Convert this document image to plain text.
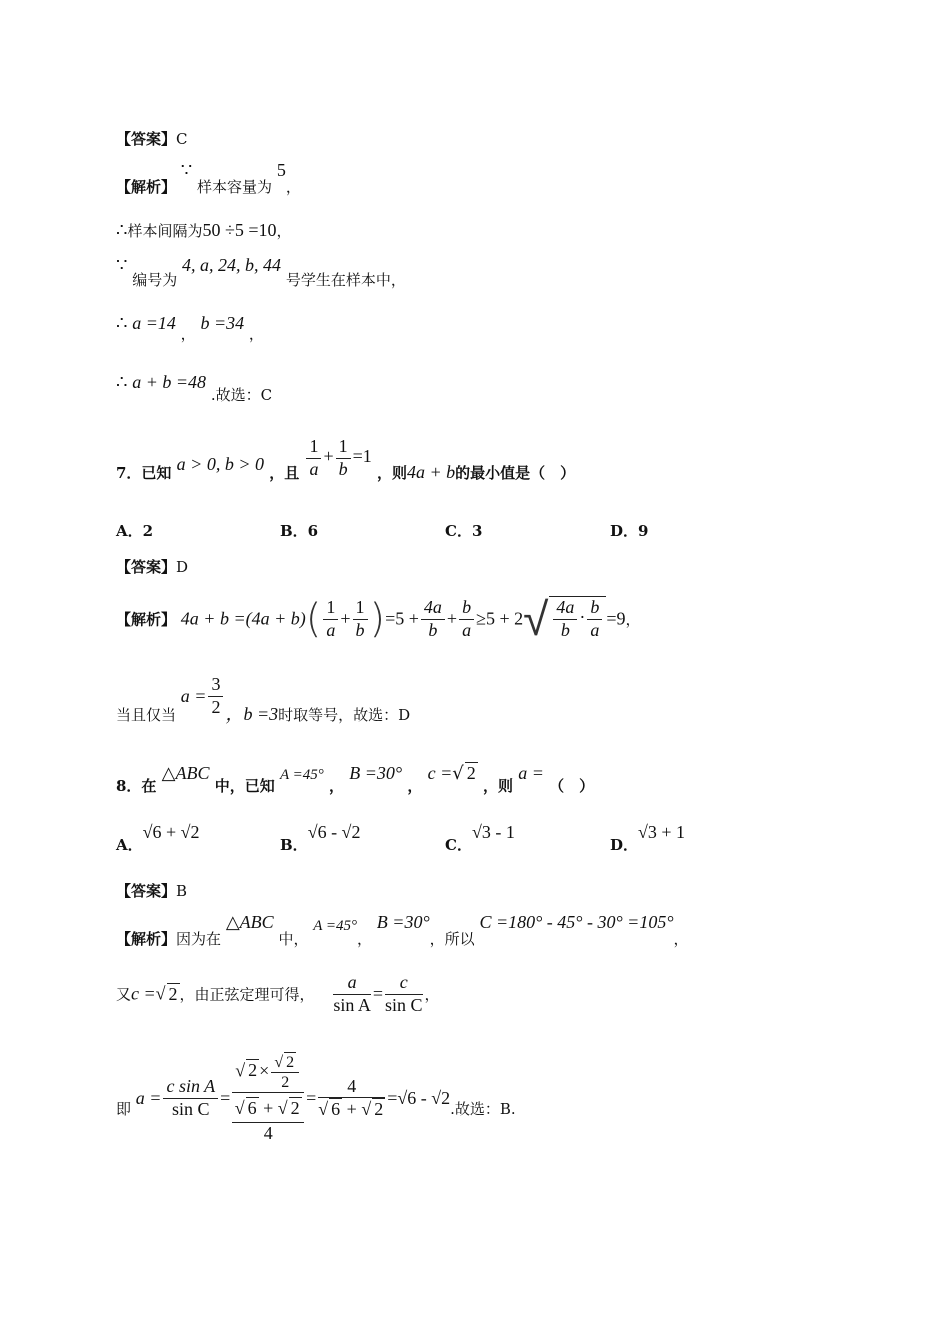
【答案】C
【解析】 ∵ 样本容量为 5，
∴样本间隔为50 ÷5 =10，
∵ 编号为 4, a, 24, b, 44 号学生在样本中，
∴ a =14 ， b =34 ，
∴ a + b =48 .故选：C
7．已知 a > 0, b > 0 ，且 $\frac{1}{a} + \frac{1}{b} =1$ ，则4a + b的最小值是（　）
A．2	B．6	C．3	D．9
【答案】D
【解析】 $4a + b =(4a + b)( \frac{1}{a} + \frac{1}{b} )=5 + \frac{4a}{b} + \frac{b}{a} \ge 5 + 2√ \frac{4a}{b} \cdot \frac{b}{a} =9$，
当且仅当 $a = \frac{3}{2}$ ，b =3时取等号，故选：D
8．在 △ABC 中，已知 A =45° ， B =30° ， c =√ 2 ，则 a = （　）
A．√6 + √2
B．√6 - √2
C．√3 - 1
D．√3 + 1
【答案】B
【解析】因为在 △ABC 中， A =45°， B =30°，所以 C =180° - 45° - 30° =105°，
又c =√ 2 ，由正弦定理可得， $\frac{a}{\text{sin A}} = \frac{c}{\text{sin C}}$ ，
即 $a = \frac{\text{c sin A}}{\text{sin C}}$ = √ $2 \times \frac{√ 2}{2}$
√ 6 + √ 2
$4 = \frac{4}{√ 6 + √ 2} =√6 - √2$.故选：B.
